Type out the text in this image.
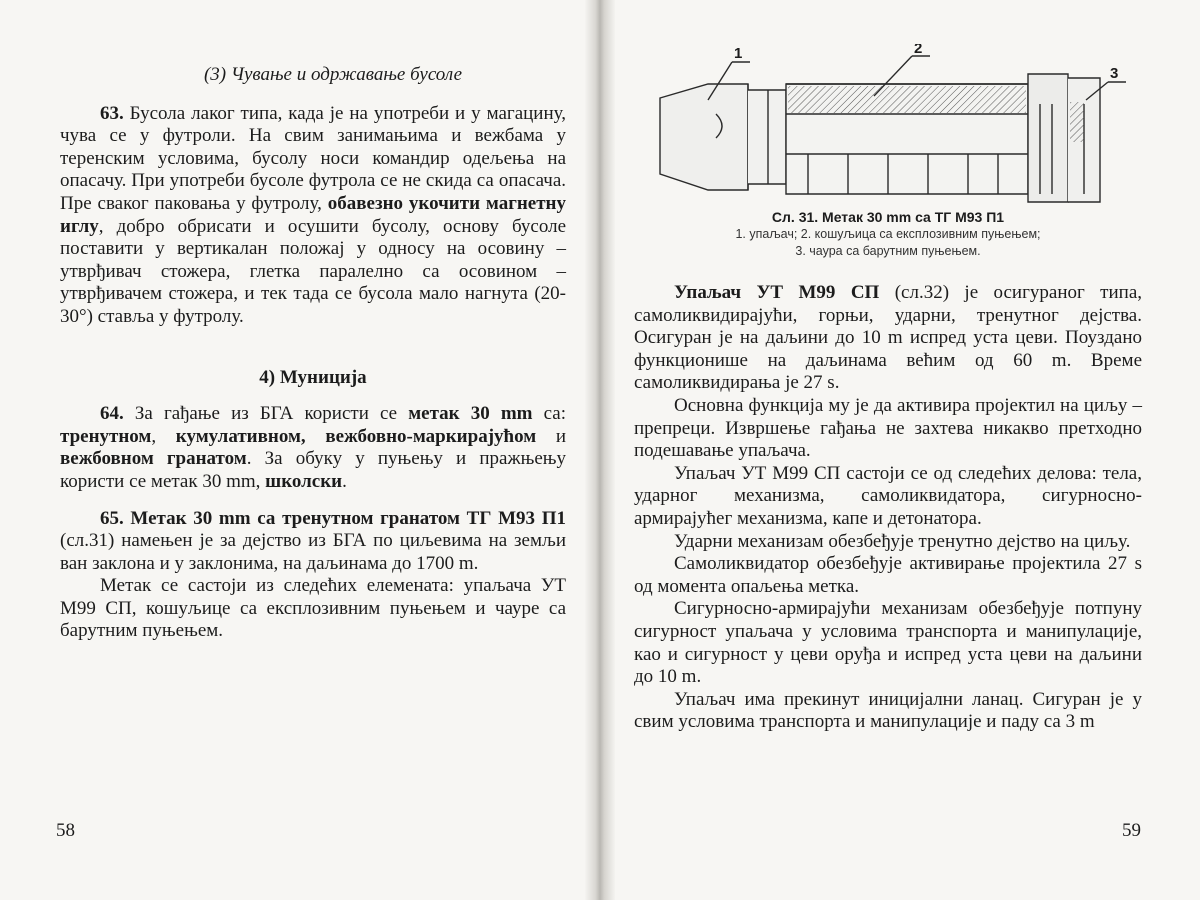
(3) Чување и одржавање бусоле

63. Бусола лаког типа, када је на употреби и у магацину, чува се у футроли. На свим занимањима и вежбама у теренским условима, бусолу носи командир одељења на опасачу. При употреби бусоле футрола се не скида са опасача. Пре сваког паковања у футролу, обавезно укочити магнетну иглу, добро обрисати и осушити бусолу, основу бусоле поставити у вертикалан положај у односу на осовину – утврђивач стожера, глетка паралелно са осовином – утврђивачем стожера, и тек тада се бусола мало нагнута (20-30°) ставља у футролу.

4) Муниција

64. За гађање из БГА користи се метак 30 mm са: тренутном, кумулативном, вежбовно-маркирајућом и вежбовном гранатом. За обуку у пуњењу и пражњењу користи се метак 30 mm, школски.

65. Метак 30 mm са тренутном гранатом ТГ М93 П1 (сл.31) намењен је за дејство из БГА по циљевима на земљи ван заклона и у заклонима, на даљинама до 1700 m.

Метак се састоји из следећих елемената: упаљача УТ М99 СП, кошуљице са експлозивним пуњењем и чауре са барутним пуњењем.

58
1	2
3
Сл. 31. Метак 30 mm са ТГ М93 П1
1. упаљач; 2. кошуљица са експлозивним пуњењем;
3. чаура са барутним пуњењем.

Упаљач УТ М99 СП (сл.32) је осигураног типа, самоликвидирајући, горњи, ударни, тренутног дејства. Осигуран је на даљини до 10 m испред уста цеви. Поуздано функционише на даљинама већим од 60 m. Време самоликвидирања је 27 s.

Основна функција му је да активира пројектил на циљу – препреци. Извршење гађања не захтева никакво претходно подешавање упаљача.

Упаљач УТ М99 СП састоји се од следећих делова: тела, ударног механизма, самоликвидатора, сигурносно-армирајућег механизма, капе и детонатора.

Ударни механизам обезбеђује тренутно дејство на циљу.

Самоликвидатор обезбеђује активирање пројектила 27 s од момента опаљења метка.

Сигурносно-армирајући механизам обезбеђује потпуну сигурност упаљача у условима транспорта и манипулације, као и сигурност у цеви оруђа и испред уста цеви на даљини до 10 m.

Упаљач има прекинут иницијални ланац. Сигуран је у свим условима транспорта и манипулације и паду са 3 m

59
